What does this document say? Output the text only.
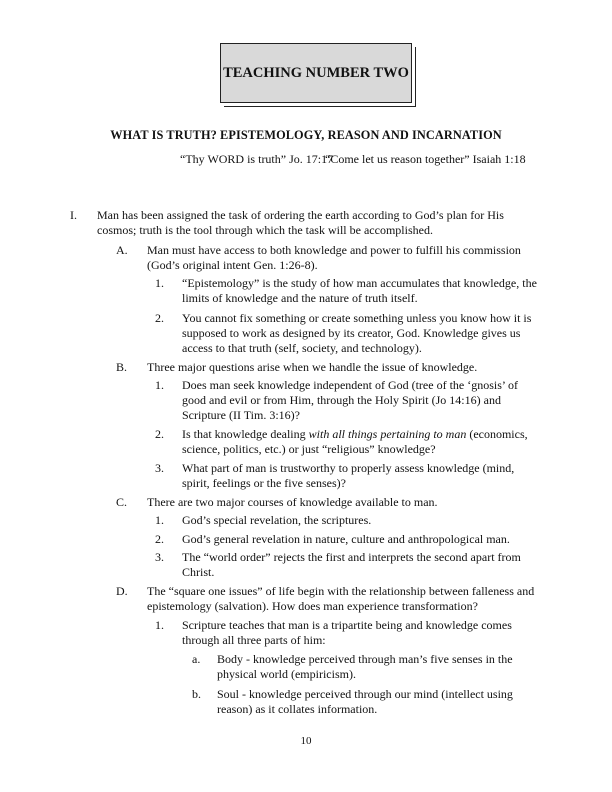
TEACHING NUMBER TWO
WHAT IS TRUTH? EPISTEMOLOGY, REASON AND INCARNATION
“Thy WORD is truth” Jo. 17:17
“Come let us reason together” Isaiah 1:18
I. Man has been assigned the task of ordering the earth according to God’s plan for His
cosmos; truth is the tool through which the task will be accomplished.
A. Man must have access to both knowledge and power to fulfill his commission
(God’s original intent Gen. 1:26-8).
1. “Epistemology” is the study of how man accumulates that knowledge, the
limits of knowledge and the nature of truth itself.
2. You cannot fix something or create something unless you know how it is
supposed to work as designed by its creator, God. Knowledge gives us
access to that truth (self, society, and technology).
B. Three major questions arise when we handle the issue of knowledge.
1. Does man seek knowledge independent of God (tree of the ‘gnosis’ of
good and evil or from Him, through the Holy Spirit (Jo 14:16) and
Scripture (II Tim. 3:16)?
2. Is that knowledge dealing with all things pertaining to man (economics,
science, politics, etc.) or just “religious” knowledge?
3. What part of man is trustworthy to properly assess knowledge (mind,
spirit, feelings or the five senses)?
C. There are two major courses of knowledge available to man.
1. God’s special revelation, the scriptures.
2. God’s general revelation in nature, culture and anthropological man.
3. The “world order” rejects the first and interprets the second apart from
Christ.
D. The “square one issues” of life begin with the relationship between falleness and
epistemology (salvation). How does man experience transformation?
1. Scripture teaches that man is a tripartite being and knowledge comes
through all three parts of him:
a. Body - knowledge perceived through man’s five senses in the
physical world (empiricism).
b. Soul - knowledge perceived through our mind (intellect using
reason) as it collates information.
10
